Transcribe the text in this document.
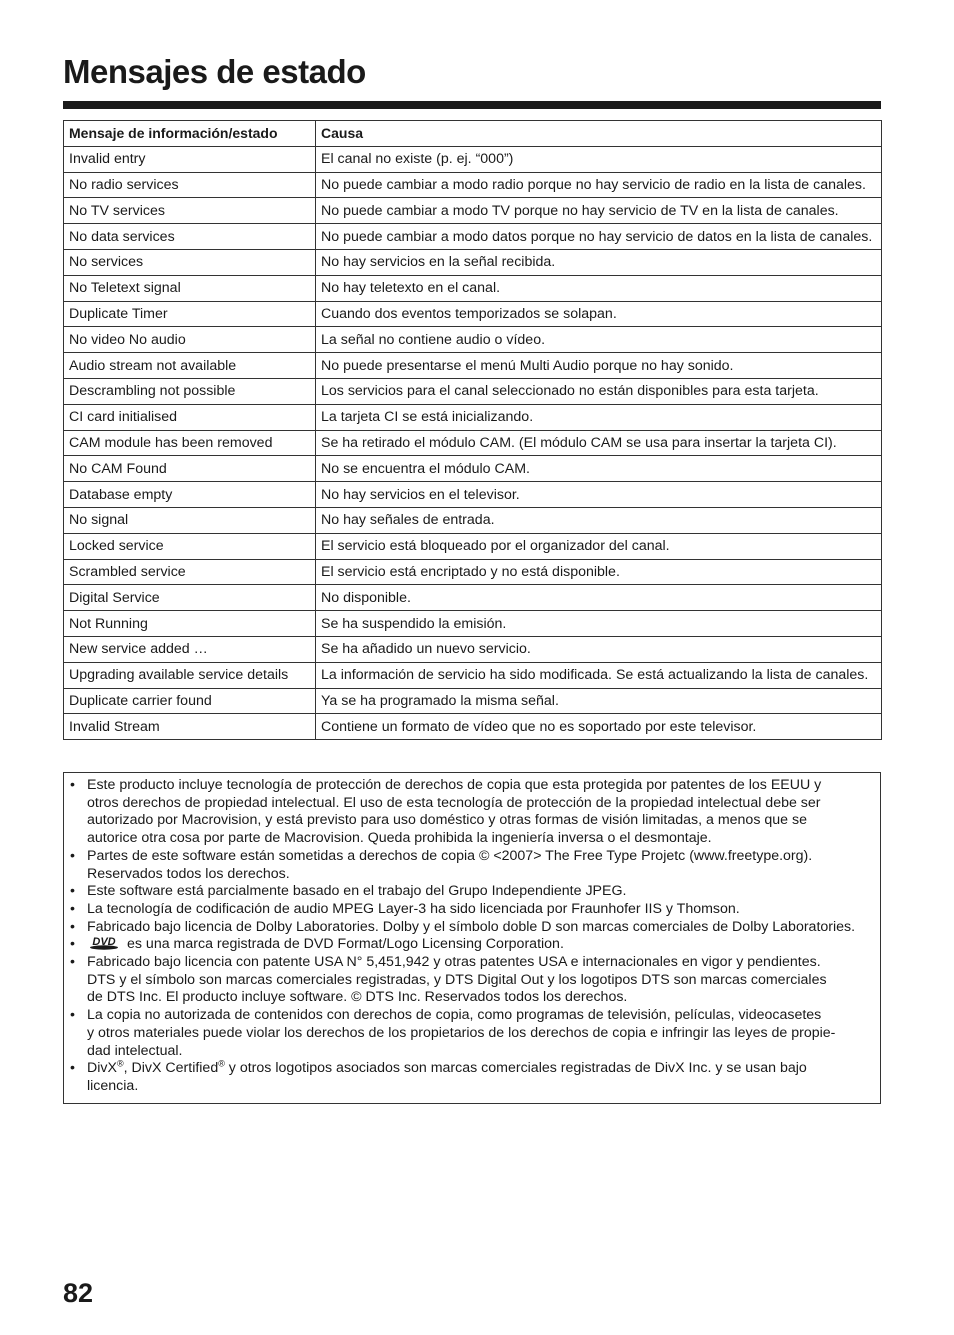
Mensajes de estado
Mensaje de información/estado	Causa
Invalid entry	El canal no existe (p. ej. “000”)
No radio services	No puede cambiar a modo radio porque no hay servicio de radio en la lista de canales.
No TV services	No puede cambiar a modo TV porque no hay servicio de TV en la lista de canales.
No data services	No puede cambiar a modo datos porque no hay servicio de datos en la lista de canales.
No services	No hay servicios en la señal recibida.
No Teletext signal	No hay teletexto en el canal.
Duplicate Timer	Cuando dos eventos temporizados se solapan.
No video No audio	La señal no contiene audio o vídeo.
Audio stream not available	No puede presentarse el menú Multi Audio porque no hay sonido.
Descrambling not possible	Los servicios para el canal seleccionado no están disponibles para esta tarjeta.
CI card initialised	La tarjeta CI se está inicializando.
CAM module has been removed	Se ha retirado el módulo CAM. (El módulo CAM se usa para insertar la tarjeta CI).
No CAM Found	No se encuentra el módulo CAM.
Database empty	No hay servicios en el televisor.
No signal	No hay señales de entrada.
Locked service	El servicio está bloqueado por el organizador del canal.
Scrambled service	El servicio está encriptado y no está disponible.
Digital Service	No disponible.
Not Running	Se ha suspendido la emisión.
New service added …	Se ha añadido un nuevo servicio.
Upgrading available service details	La información de servicio ha sido modificada. Se está actualizando la lista de canales.
Duplicate carrier found	Ya se ha programado la misma señal.
Invalid Stream	Contiene un formato de vídeo que no es soportado por este televisor.
• Este producto incluye tecnología de protección de derechos de copia que esta protegida por patentes de los EEUU y
otros derechos de propiedad intelectual. El uso de esta tecnología de protección de la propiedad intelectual debe ser
autorizado por Macrovision, y está previsto para uso doméstico y otras formas de visión limitadas, a menos que se
autorice otra cosa por parte de Macrovision. Queda prohibida la ingeniería inversa o el desmontaje.
• Partes de este software están sometidas a derechos de copia © <2007> The Free Type Projetc (www.freetype.org).
Reservados todos los derechos.
• Este software está parcialmente basado en el trabajo del Grupo Independiente JPEG.
• La tecnología de codificación de audio MPEG Layer-3 ha sido licenciada por Fraunhofer IIS y Thomson.
• Fabricado bajo licencia de Dolby Laboratories. Dolby y el símbolo doble D son marcas comerciales de Dolby Laboratories.
• DVD es una marca registrada de DVD Format/Logo Licensing Corporation.
• Fabricado bajo licencia con patente USA N° 5,451,942 y otras patentes USA e internacionales en vigor y pendientes.
DTS y el símbolo son marcas comerciales registradas, y DTS Digital Out y los logotipos DTS son marcas comerciales
de DTS Inc. El producto incluye software. © DTS Inc. Reservados todos los derechos.
• La copia no autorizada de contenidos con derechos de copia, como programas de televisión, películas, videocasetes
y otros materiales puede violar los derechos de los propietarios de los derechos de copia e infringir las leyes de propie-
dad intelectual.
• DivX®, DivX Certified® y otros logotipos asociados son marcas comerciales registradas de DivX Inc. y se usan bajo
licencia.
82
